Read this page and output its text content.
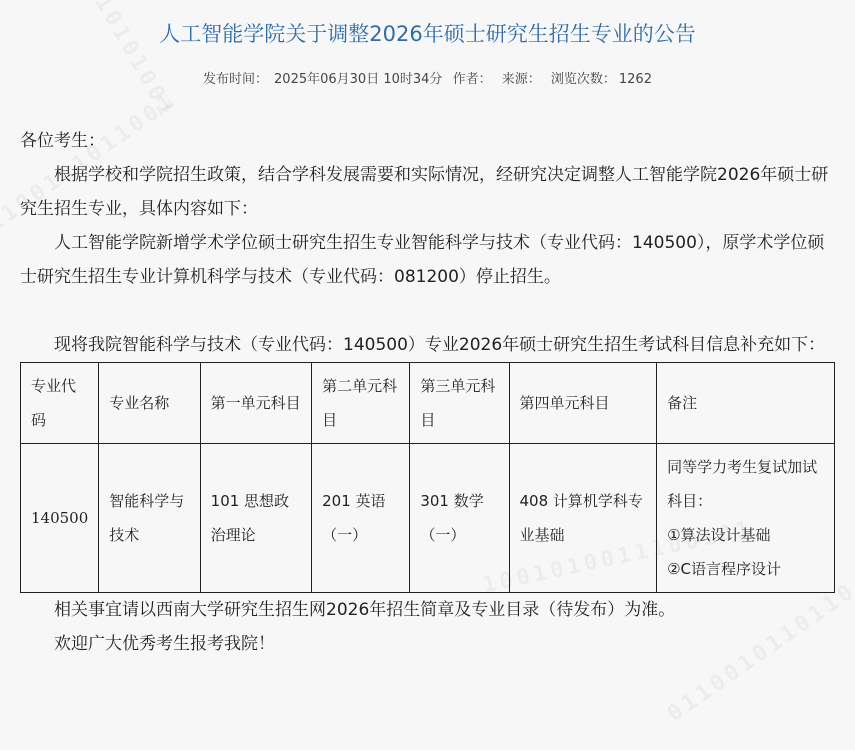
人工智能学院关于调整2026年硕士研究生招生专业的公告
发布时间： 2025年06月30日 10时34分 作者： 来源： 浏览次数： 1262

各位考生：

根据学校和学院招生政策，结合学科发展需要和实际情况，经研究决定调整人工智能学院2026年硕士研究生招生专业，具体内容如下：

人工智能学院新增学术学位硕士研究生招生专业智能科学与技术（专业代码：140500），原学术学位硕士研究生招生专业计算机科学与技术（专业代码：081200）停止招生。

现将我院智能科学与技术（专业代码：140500）专业2026年硕士研究生招生考试科目信息补充如下：

专业代码	专业名称	第一单元科目	第二单元科目	第三单元科目	第四单元科目	备注
140500	智能科学与技术	101 思想政治理论	201 英语（一）	301 数学（一）	408 计算机学科专业基础	同等学力考生复试加试科目：
①算法设计基础
②C语言程序设计

相关事宜请以西南大学研究生招生网2026年招生简章及专业目录（待发布）为准。

欢迎广大优秀考生报考我院！
